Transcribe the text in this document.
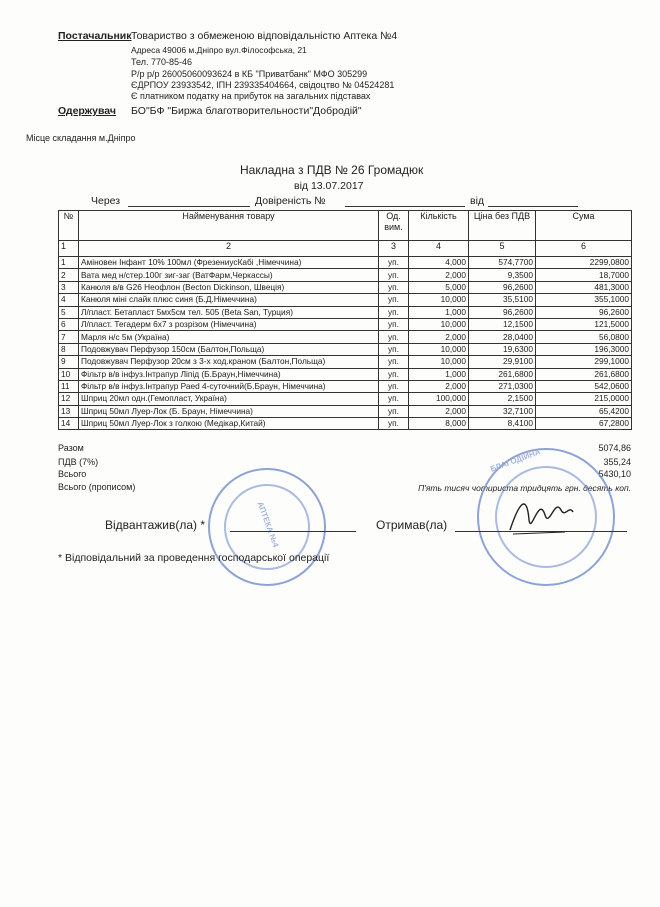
Постачальник Товариство з обмеженою відповідальністю Аптека №4
Адреса 49006 м.Дніпро вул.Філософська, 21
Тел. 770-85-46
Р/р р/р 26005060093624 в КБ "Приватбанк" МФО 305299
ЄДРПОУ 23933542, ІПН 239335404664, свідоцтво № 04524281
Є платником податку на прибуток на загальних підставах
Одержувач БО"БФ "Биржа благотворительности"Добродій"
Місце складання м.Дніпро
Накладна з ПДВ № 26 Громадюк
від 13.07.2017
Через	Довіреність №	від
№	Найменування товару	Од. вим.	Кількість	Ціна без ПДВ	Сума
1	2	3	4	5	6
1	Аміновен Інфант 10% 100мл (ФрезениусКабі ,Німеччина)	уп.	4,000	574,7700	2299,0800
2	Вата мед н/стер.100г зиг-заг (ВатФарм,Черкасcы)	уп.	2,000	9,3500	18,7000
3	Канюля в/в G26 Неофлон (Becton Dickinson, Швеція)	уп.	5,000	96,2600	481,3000
4	Канюля міні слайк плюс синя (Б.Д.Німеччина)	уп.	10,000	35,5100	355,1000
5	Л/пласт. Бетапласт 5мх5см тел. 505 (Beta San, Турция)	уп.	1,000	96,2600	96,2600
6	Л/пласт. Тегадерм 6х7 з розрізом (Німеччина)	уп.	10,000	12,1500	121,5000
7	Марля н/с 5м (Україна)	уп.	2,000	28,0400	56,0800
8	Подовжувач Перфузор 150см (Балтон,Польща)	уп.	10,000	19,6300	196,3000
9	Подовжувач Перфузор 20см з 3-х ход.краном (Балтон,Польща)	уп.	10,000	29,9100	299,1000
10	Фільтр в/в інфуз.Інтрапур Лiпiд (Б.Браун,Німеччина)	уп.	1,000	261,6800	261,6800
11	Фільтр в/в інфуз.Інтрапур Раed 4-суточний(Б.Браун, Німеччина)	уп.	2,000	271,0300	542,0600
12	Шприц 20мл одн.(Гемопласт, Україна)	уп.	100,000	2,1500	215,0000
13	Шприц 50мл Луер-Лок (Б. Браун, Німеччина)	уп.	2,000	32,7100	65,4200
14	Шприц 50мл Луер-Лок з голкою (Медікар,Китай)	уп.	8,000	8,4100	67,2800
Разом	5074,86
ПДВ (7%)	355,24
Всього	5430,10
Всього (прописом)	П'ять тисяч чотириста тридцять грн. десять коп.
АПТЕКА №4
БЛАГОДІЙНА
Відвантажив(ла) *	Отримав(ла)
* Відповідальний за проведення господарської операції
